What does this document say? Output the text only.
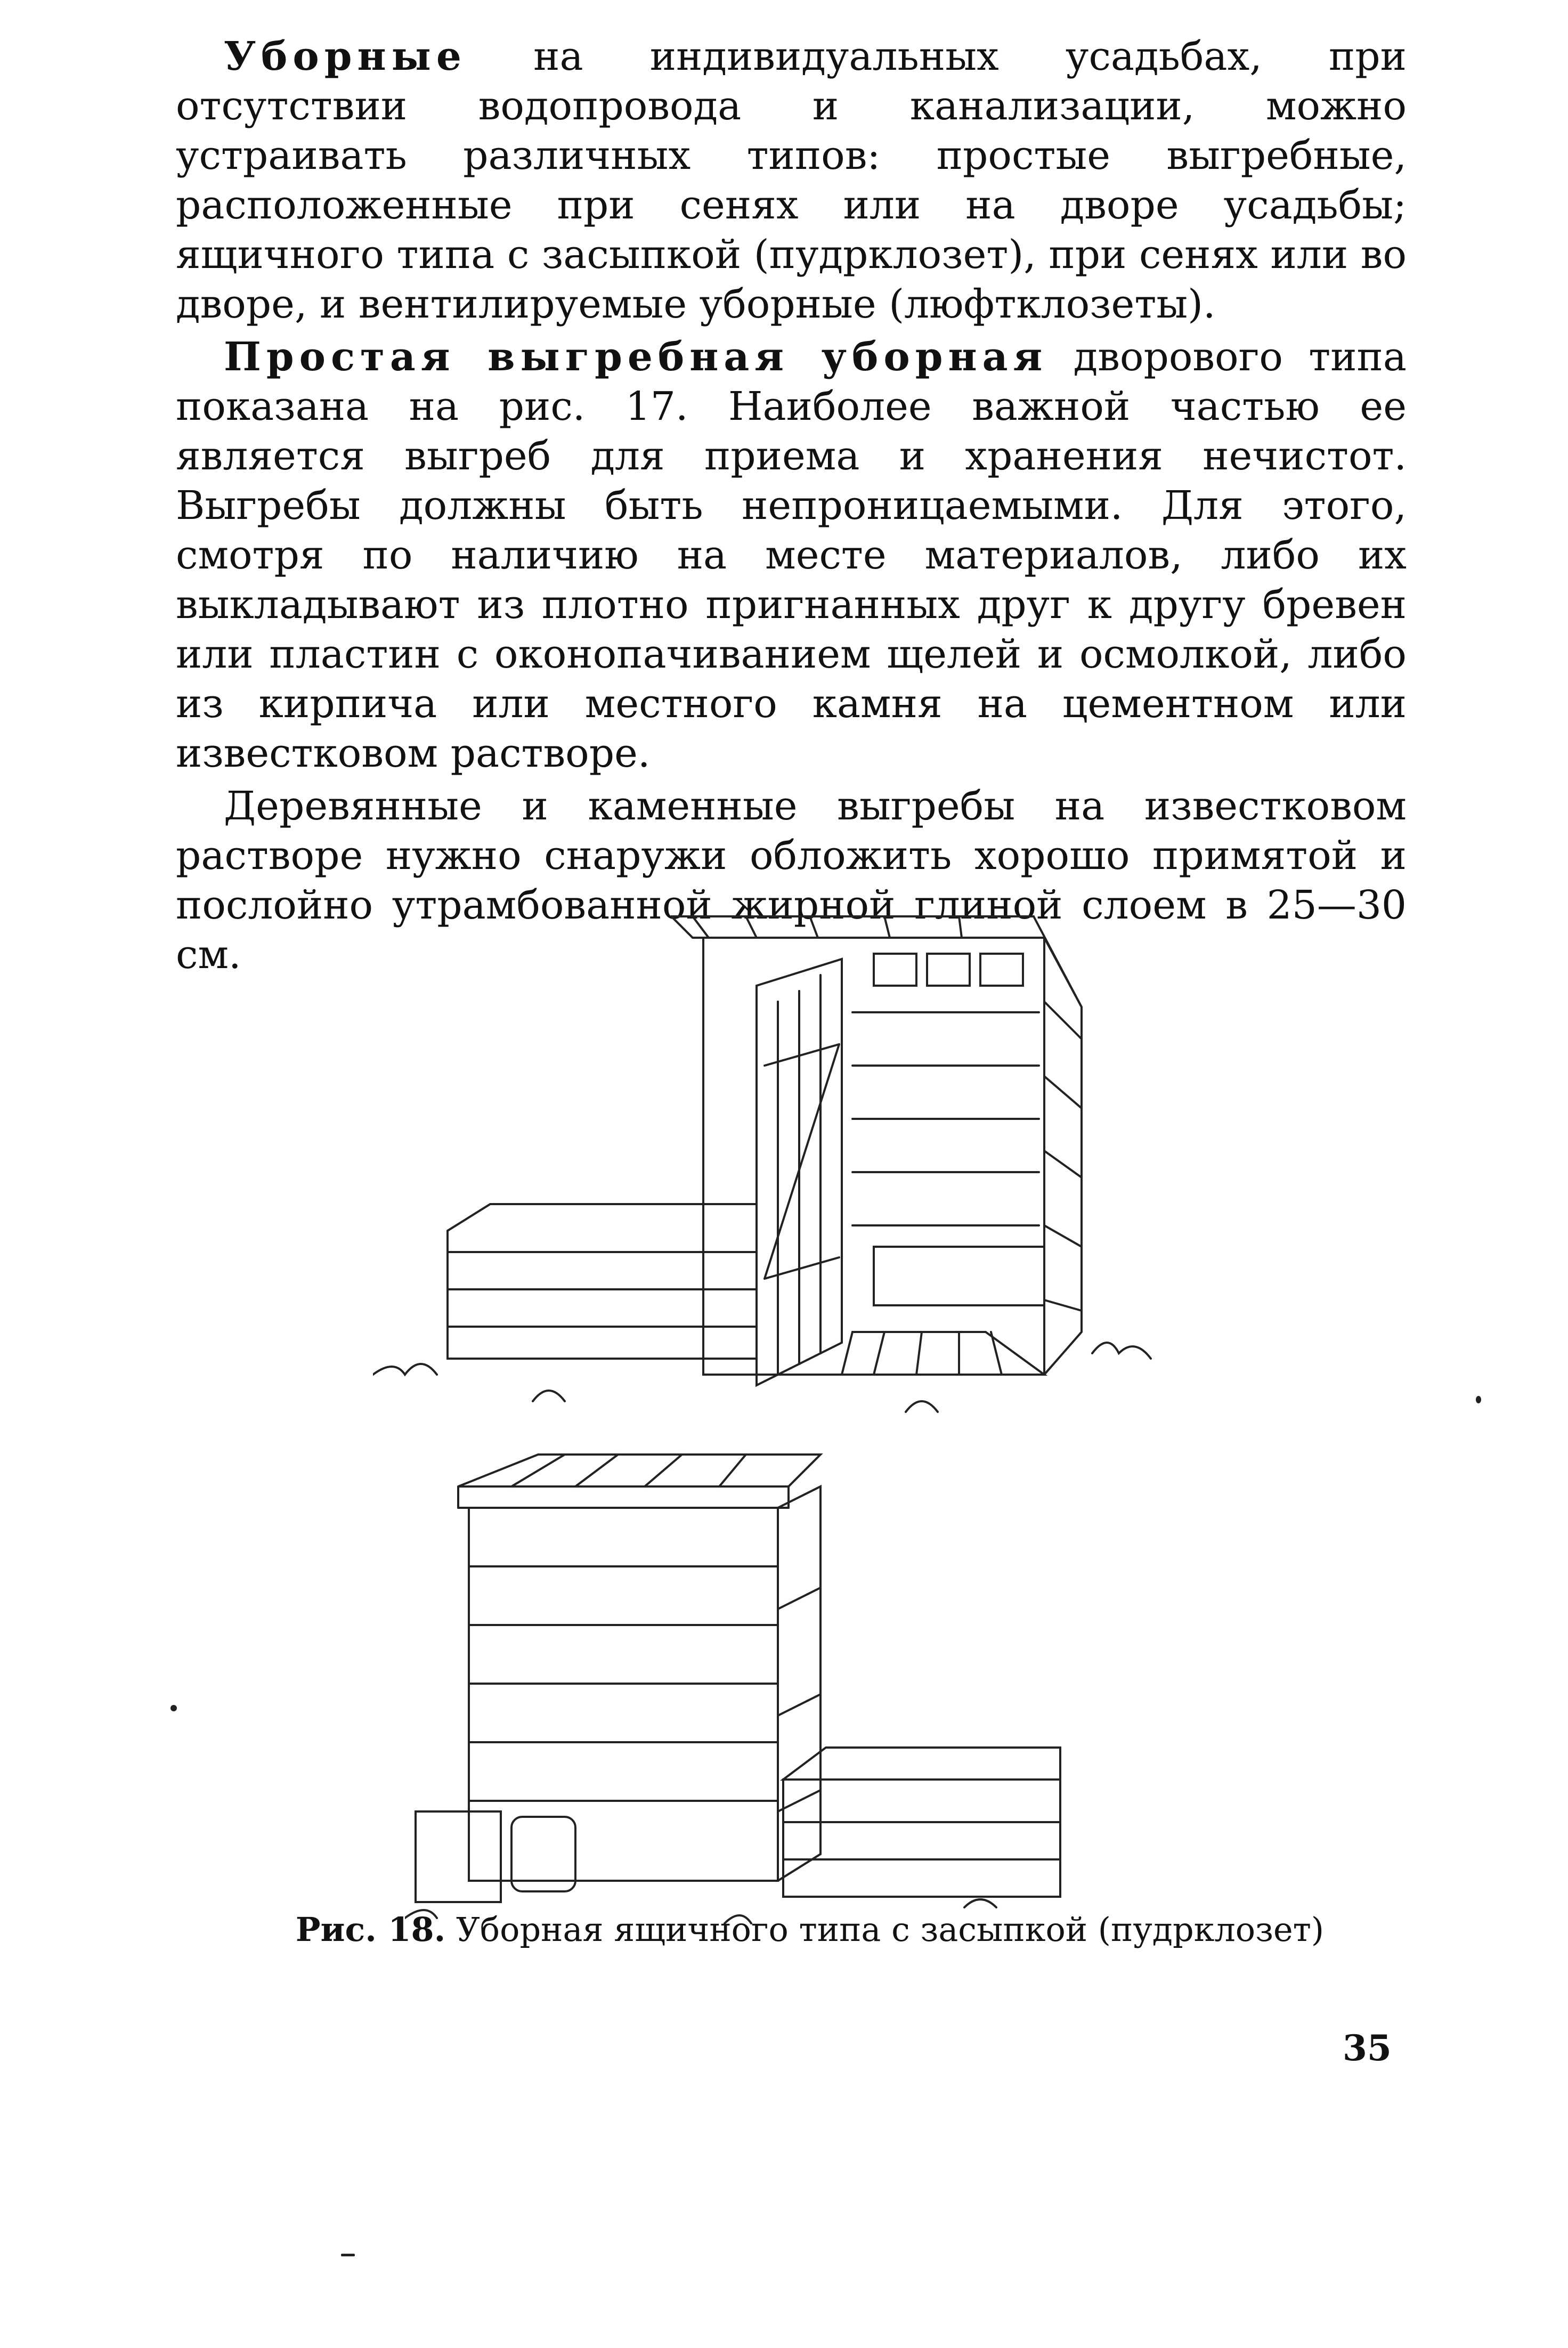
Уборные на индивидуальных усадьбах, при отсутствии водопровода и канализации, можно устраивать различных типов: простые выгребные, расположенные при сенях или на дворе усадьбы; ящичного типа с засыпкой (пудрклозет), при сенях или во дворе, и вентилируемые уборные (люфтклозеты).

Простая выгребная уборная дворового типа показана на рис. 17. Наиболее важной частью ее является выгреб для приема и хранения нечистот. Выгребы должны быть непроницаемыми. Для этого, смотря по наличию на месте материалов, либо их выкладывают из плотно пригнанных друг к другу бревен или пластин с оконопачиванием щелей и осмолкой, либо из кирпича или местного камня на цементном или известковом растворе.

Деревянные и каменные выгребы на известковом растворе нужно снаружи обложить хорошо примятой и послойно утрамбованной жирной глиной слоем в 25—30 см.

Рис. 18. Уборная ящичного типа с засыпкой (пудрклозет)
35
